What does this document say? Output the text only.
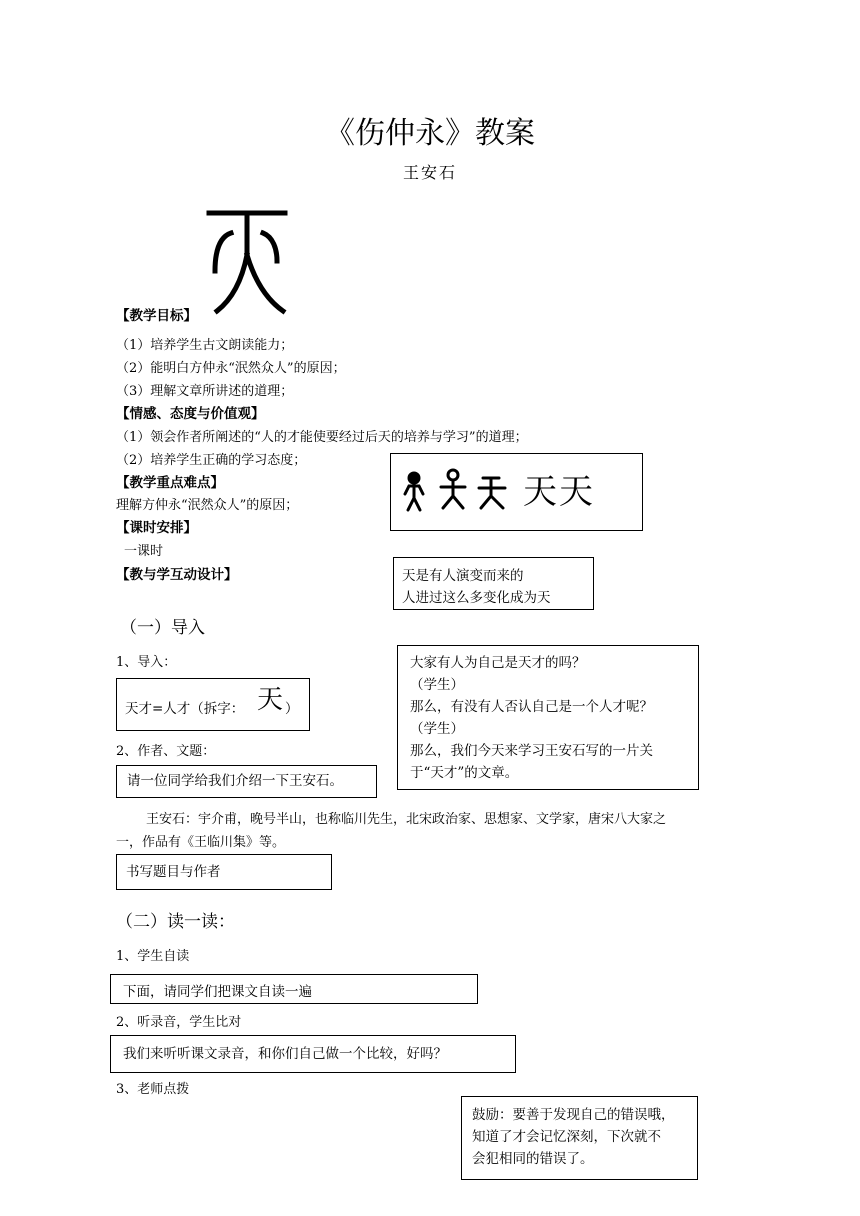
《伤仲永》教案
王安石
【教学目标】
（1）培养学生古文朗读能力；
（2）能明白方仲永“泯然众人”的原因；
（3）理解文章所讲述的道理；
【情感、态度与价值观】
（1）领会作者所阐述的“人的才能使要经过后天的培养与学习”的道理；
（2）培养学生正确的学习态度；
【教学重点难点】
理解方仲永“泯然众人”的原因；
【课时安排】
一课时
【教与学互动设计】
天天
天是有人演变而来的
人进过这么多变化成为天
（一）导入
1、导入：
天才=人才（拆字： 天 ）
2、作者、文题：
请一位同学给我们介绍一下王安石。
大家有人为自己是天才的吗？
（学生）
那么，有没有人否认自己是一个人才呢？
（学生）
那么，我们今天来学习王安石写的一片关
于“天才”的文章。
王安石：宇介甫，晚号半山，也称临川先生，北宋政治家、思想家、文学家，唐宋八大家之
一，作品有《王临川集》等。
书写题目与作者
（二）读一读：
1、学生自读
下面，请同学们把课文自读一遍
2、听录音，学生比对
我们来听听课文录音，和你们自己做一个比较，好吗？
3、老师点拨
鼓励：要善于发现自己的错误哦，
知道了才会记忆深刻，下次就不
会犯相同的错误了。
